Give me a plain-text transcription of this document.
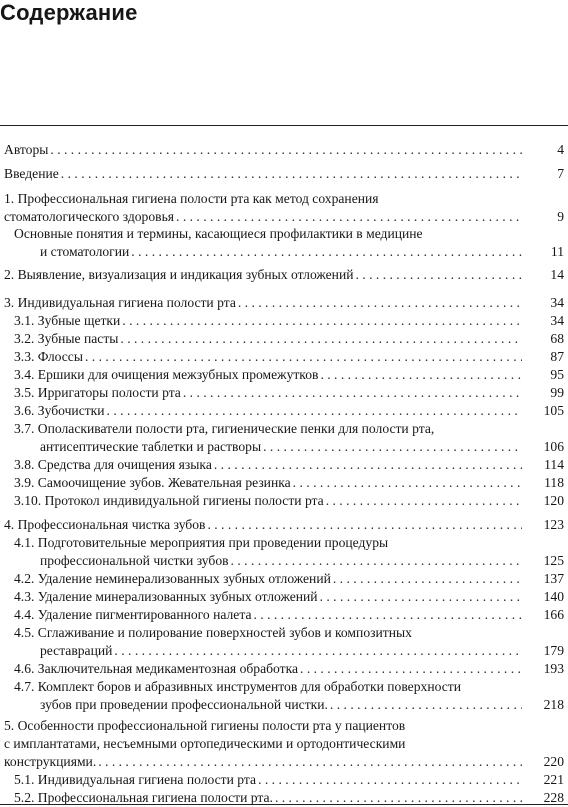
Содержание
Авторы . . .	4
Введение . . .	7
1. Профессиональная гигиена полости рта как метод сохранения
стоматологического здоровья . . .	9
Основные понятия и термины, касающиеся профилактики в медицине
и стоматологии . . .	11
2. Выявление, визуализация и индикация зубных отложений . . .	14
3. Индивидуальная гигиена полости рта . . .	34
3.1. Зубные щетки . . .	34
3.2. Зубные пасты . . .	68
3.3. Флоссы . . .	87
3.4. Ершики для очищения межзубных промежутков . . .	95
3.5. Ирригаторы полости рта . . .	99
3.6. Зубочистки . . .	105
3.7. Ополаскиватели полости рта, гигиенические пенки для полости рта,
антисептические таблетки и растворы . . .	106
3.8. Средства для очищения языка . . .	114
3.9. Самоочищение зубов. Жевательная резинка . . .	118
3.10. Протокол индивидуальной гигиены полости рта . . .	120
4. Профессиональная чистка зубов . . .	123
4.1. Подготовительные мероприятия при проведении процедуры
профессиональной чистки зубов . . .	125
4.2. Удаление неминерализованных зубных отложений . . .	137
4.3. Удаление минерализованных зубных отложений . . .	140
4.4. Удаление пигментированного налета . . .	166
4.5. Сглаживание и полирование поверхностей зубов и композитных
реставраций . . .	179
4.6. Заключительная медикаментозная обработка . . .	193
4.7. Комплект боров и абразивных инструментов для обработки поверхности
зубов при проведении профессиональной чистки. . . .	218
5. Особенности профессиональной гигиены полости рта у пациентов
с имплантатами, несъемными ортопедическими и ортодонтическими
конструкциями. . . .	220
5.1. Индивидуальная гигиена полости рта . . .	221
5.2. Профессиональная гигиена полости рта. . . .	228
